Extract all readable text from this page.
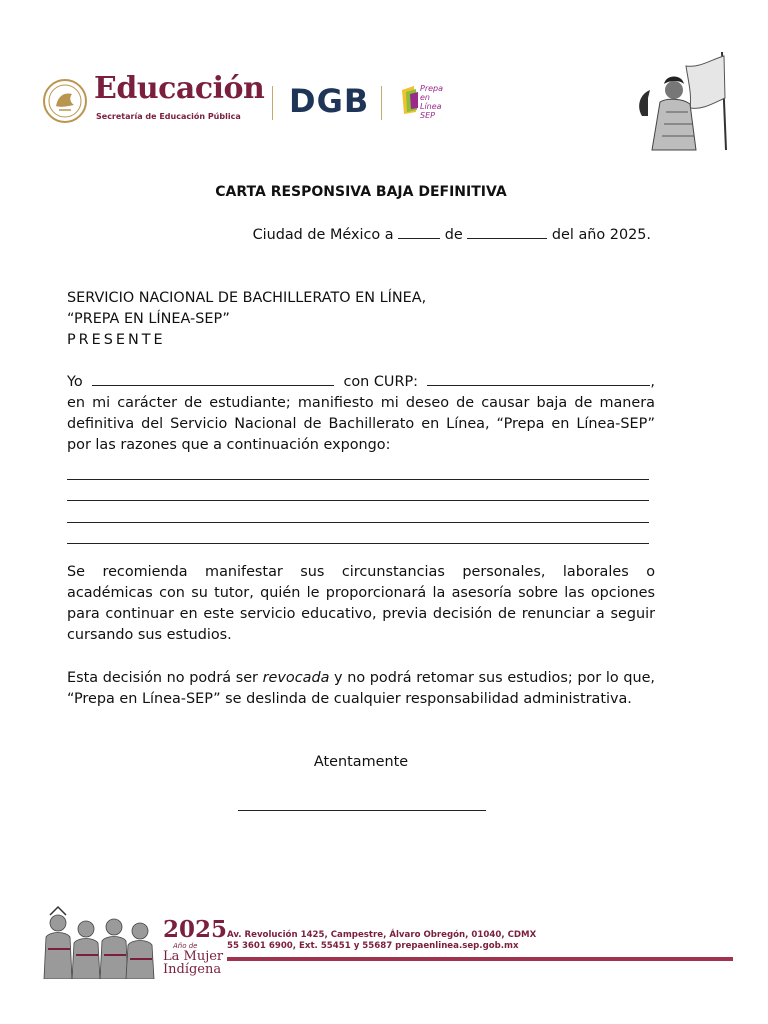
Educación
Secretaría de Educación Pública DGB	Prepa en Línea SEP
CARTA RESPONSIVA BAJA DEFINITIVA
Ciudad de México a	de	del año 2025.
SERVICIO NACIONAL DE BACHILLERATO EN LÍNEA,
“PREPA EN LÍNEA-SEP”
PRESENTE
Yo	con CURP:	,
en mi carácter de estudiante; manifiesto mi deseo de causar baja de manera definitiva del Servicio Nacional de Bachillerato en Línea, “Prepa en Línea-SEP” por las razones que a continuación expongo:
Se recomienda manifestar sus circunstancias personales, laborales o académicas con su tutor, quién le proporcionará la asesoría sobre las opciones para continuar en este servicio educativo, previa decisión de renunciar a seguir cursando sus estudios.
Esta decisión no podrá ser revocada y no podrá retomar sus estudios; por lo que, “Prepa en Línea-SEP” se deslinda de cualquier responsabilidad administrativa.
Atentamente
2025
Año de
La Mujer
Indígena
Av. Revolución 1425, Campestre, Álvaro Obregón, 01040, CDMX
55 3601 6900, Ext. 55451 y 55687 prepaenlinea.sep.gob.mx
